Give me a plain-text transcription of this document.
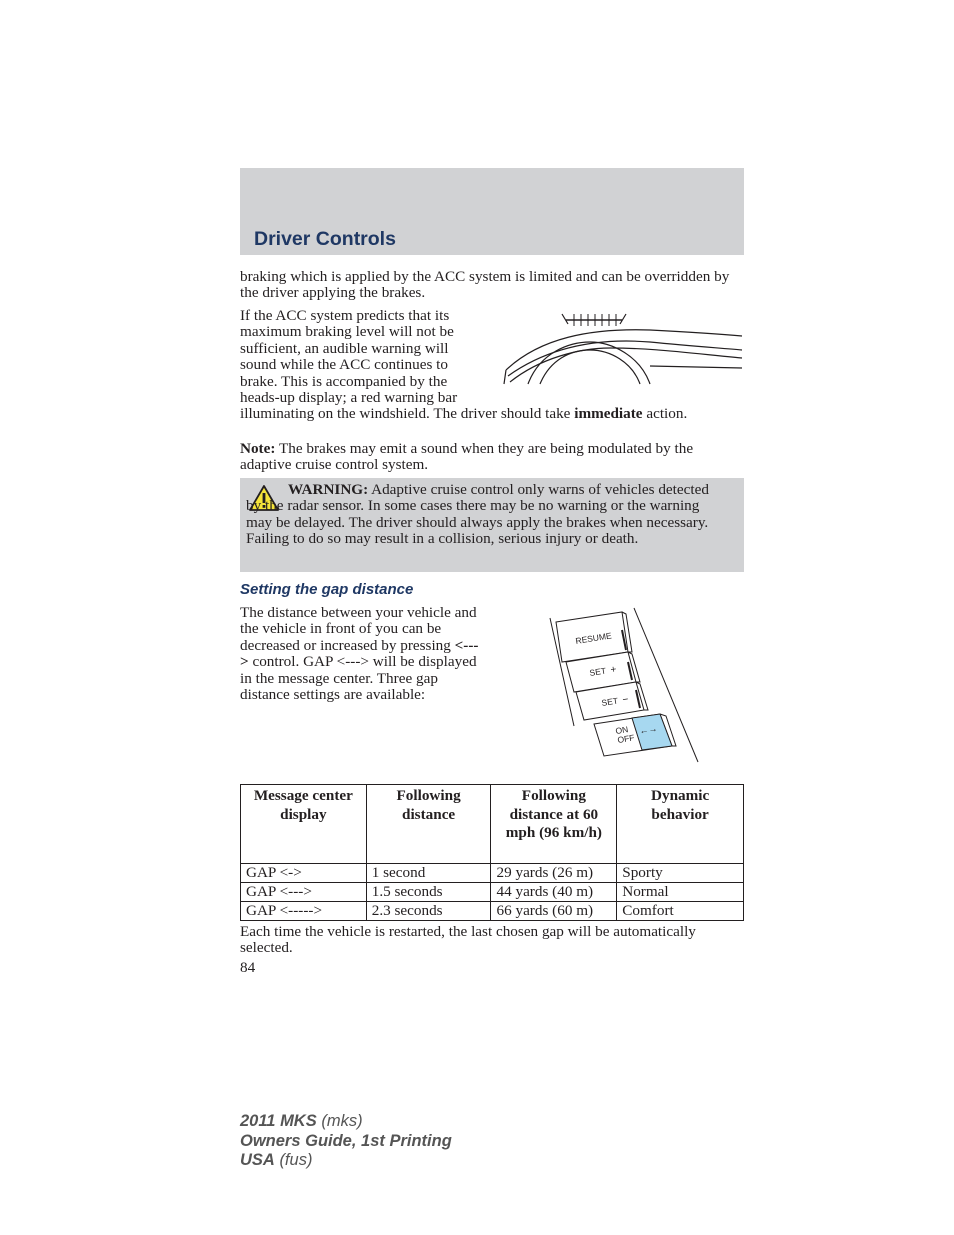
Driver Controls

braking which is applied by the ACC system is limited and can be overridden by the driver applying the brakes.

If the ACC system predicts that its maximum braking level will not be sufficient, an audible warning will sound while the ACC continues to brake. This is accompanied by the heads-up display; a red warning bar illuminating on the windshield. The driver should take immediate action.

Note: The brakes may emit a sound when they are being modulated by the adaptive cruise control system.

WARNING: Adaptive cruise control only warns of vehicles detected by the radar sensor. In some cases there may be no warning or the warning may be delayed. The driver should always apply the brakes when necessary. Failing to do so may result in a collision, serious injury or death.

Setting the gap distance

The distance between your vehicle and the vehicle in front of you can be decreased or increased by pressing <---> control. GAP <---> will be displayed in the message center. Three gap distance settings are available:

RESUME
SET +
SET −
ON
OFF
←→
Message center display	Following distance	Following distance at 60 mph (96 km/h)	Dynamic behavior
GAP <->	1 second	29 yards (26 m)	Sporty
GAP <--->	1.5 seconds	44 yards (40 m)	Normal
GAP <----->	2.3 seconds	66 yards (60 m)	Comfort

Each time the vehicle is restarted, the last chosen gap will be automatically selected.

84

2011 MKS (mks)
Owners Guide, 1st Printing
USA (fus)
